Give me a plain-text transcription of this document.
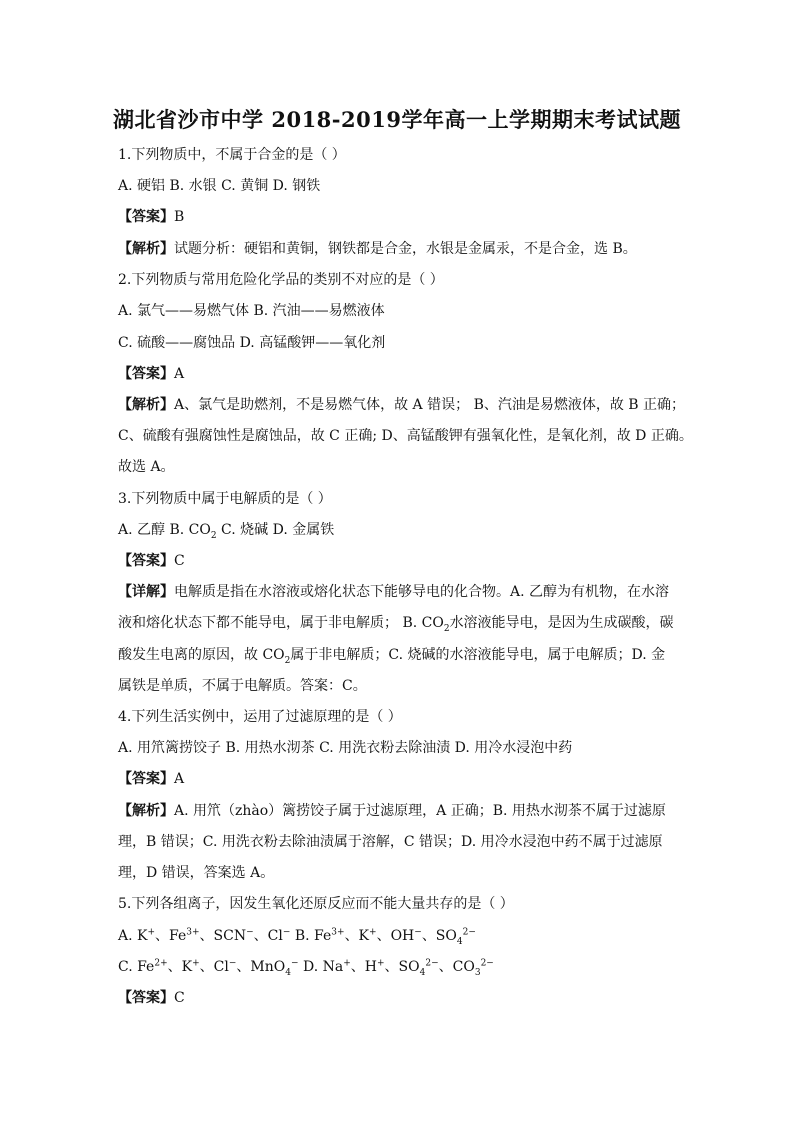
湖北省沙市中学 2018-2019学年高一上学期期末考试试题
1.下列物质中，不属于合金的是（ ）
A. 硬铝 B. 水银 C. 黄铜 D. 钢铁
【答案】B
【解析】试题分析：硬铝和黄铜，钢铁都是合金，水银是金属汞，不是合金，选 B。
2.下列物质与常用危险化学品的类别不对应的是（ ）
A. 氯气——易燃气体 B. 汽油——易燃液体
C. 硫酸——腐蚀品 D. 高锰酸钾——氧化剂
【答案】A
【解析】A、氯气是助燃剂，不是易燃气体，故 A 错误； B、汽油是易燃液体，故 B 正确；
C、硫酸有强腐蚀性是腐蚀品，故 C 正确; D、高锰酸钾有强氧化性，是氧化剂，故 D 正确。
故选 A。
3.下列物质中属于电解质的是（ ）
A. 乙醇 B. $CO_2$ C. 烧碱 D. 金属铁
【答案】C
【详解】电解质是指在水溶液或熔化状态下能够导电的化合物。A. 乙醇为有机物，在水溶
液和熔化状态下都不能导电，属于非电解质； B. $CO_2$水溶液能导电，是因为生成碳酸，碳
酸发生电离的原因，故 $CO_2$属于非电解质；C. 烧碱的水溶液能导电，属于电解质；D. 金
属铁是单质，不属于电解质。答案：C。
4.下列生活实例中，运用了过滤原理的是（ ）
A. 用笊篱捞饺子 B. 用热水沏茶 C. 用洗衣粉去除油渍 D. 用冷水浸泡中药
【答案】A
【解析】A. 用笊（zhào）篱捞饺子属于过滤原理，A 正确；B. 用热水沏茶不属于过滤原
理，B 错误；C. 用洗衣粉去除油渍属于溶解，C 错误；D. 用冷水浸泡中药不属于过滤原
理，D 错误，答案选 A。
5.下列各组离子，因发生氧化还原反应而不能大量共存的是（ ）
A. K+、$Fe^{3+}$、SCN−、Cl− B. $Fe^{3+}$、K+、OH−、$SO_4^{2-}$
C. $Fe^{2+}$、K+、Cl−、MnO$_4$− D. Na+、H+、$SO_4^{2-}$、$CO_3^{2-}$
【答案】C
